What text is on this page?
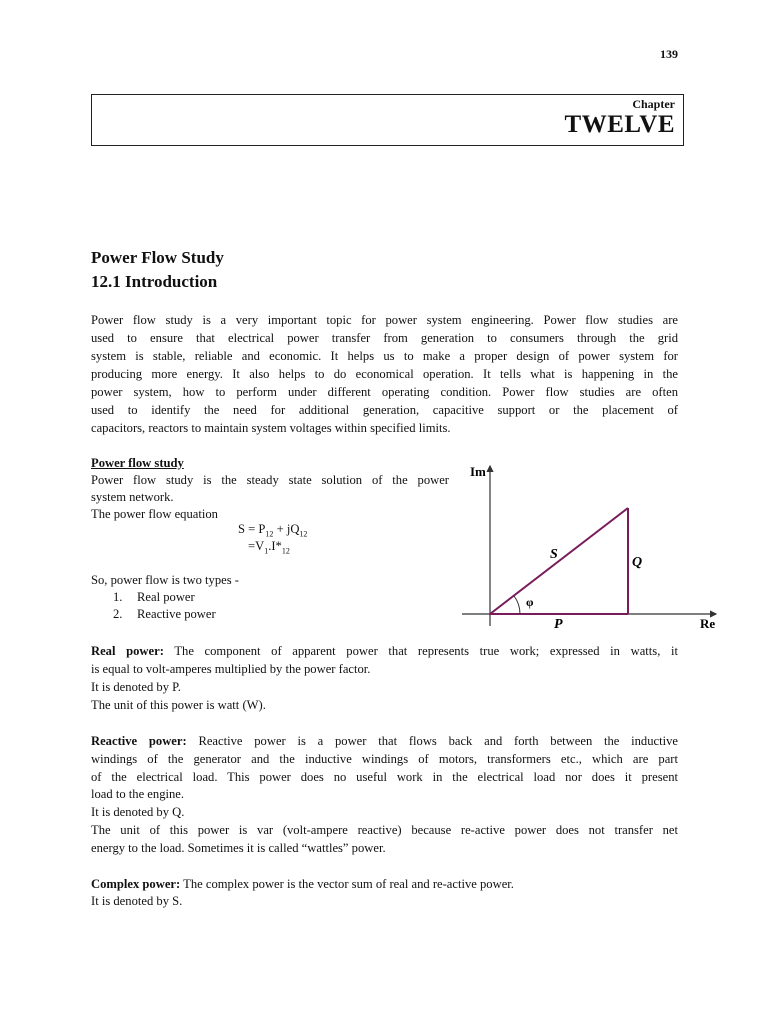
139
Chapter
TWELVE
Power Flow Study
12.1 Introduction
Power flow study is a very important topic for power system engineering. Power flow studies are
used to ensure that electrical power transfer from generation to consumers through the grid
system is stable, reliable and economic. It helps us to make a proper design of power system for
producing more energy. It also helps to do economical operation. It tells what is happening in the
power system, how to perform under different operating condition. Power flow studies are often
used to identify the need for additional generation, capacitive support or the placement of
capacitors, reactors to maintain system voltages within specified limits.
Power flow study
Power flow study is the steady state solution of the power
system network.
The power flow equation
$S = P_{12} + jQ_{12}$
$=V_1.I*_{12}$
So, power flow is two types -
1. Real power
2. Reactive power
Im
Re
S
Q
P
φ
Real power: The component of apparent power that represents true work; expressed in watts, it
is equal to volt-amperes multiplied by the power factor.
It is denoted by P.
The unit of this power is watt (W).
Reactive power: Reactive power is a power that flows back and forth between the inductive
windings of the generator and the inductive windings of motors, transformers etc., which are part
of the electrical load. This power does no useful work in the electrical load nor does it present
load to the engine.
It is denoted by Q.
The unit of this power is var (volt-ampere reactive) because re-active power does not transfer net
energy to the load. Sometimes it is called “wattles” power.
Complex power: The complex power is the vector sum of real and re-active power.
It is denoted by S.
